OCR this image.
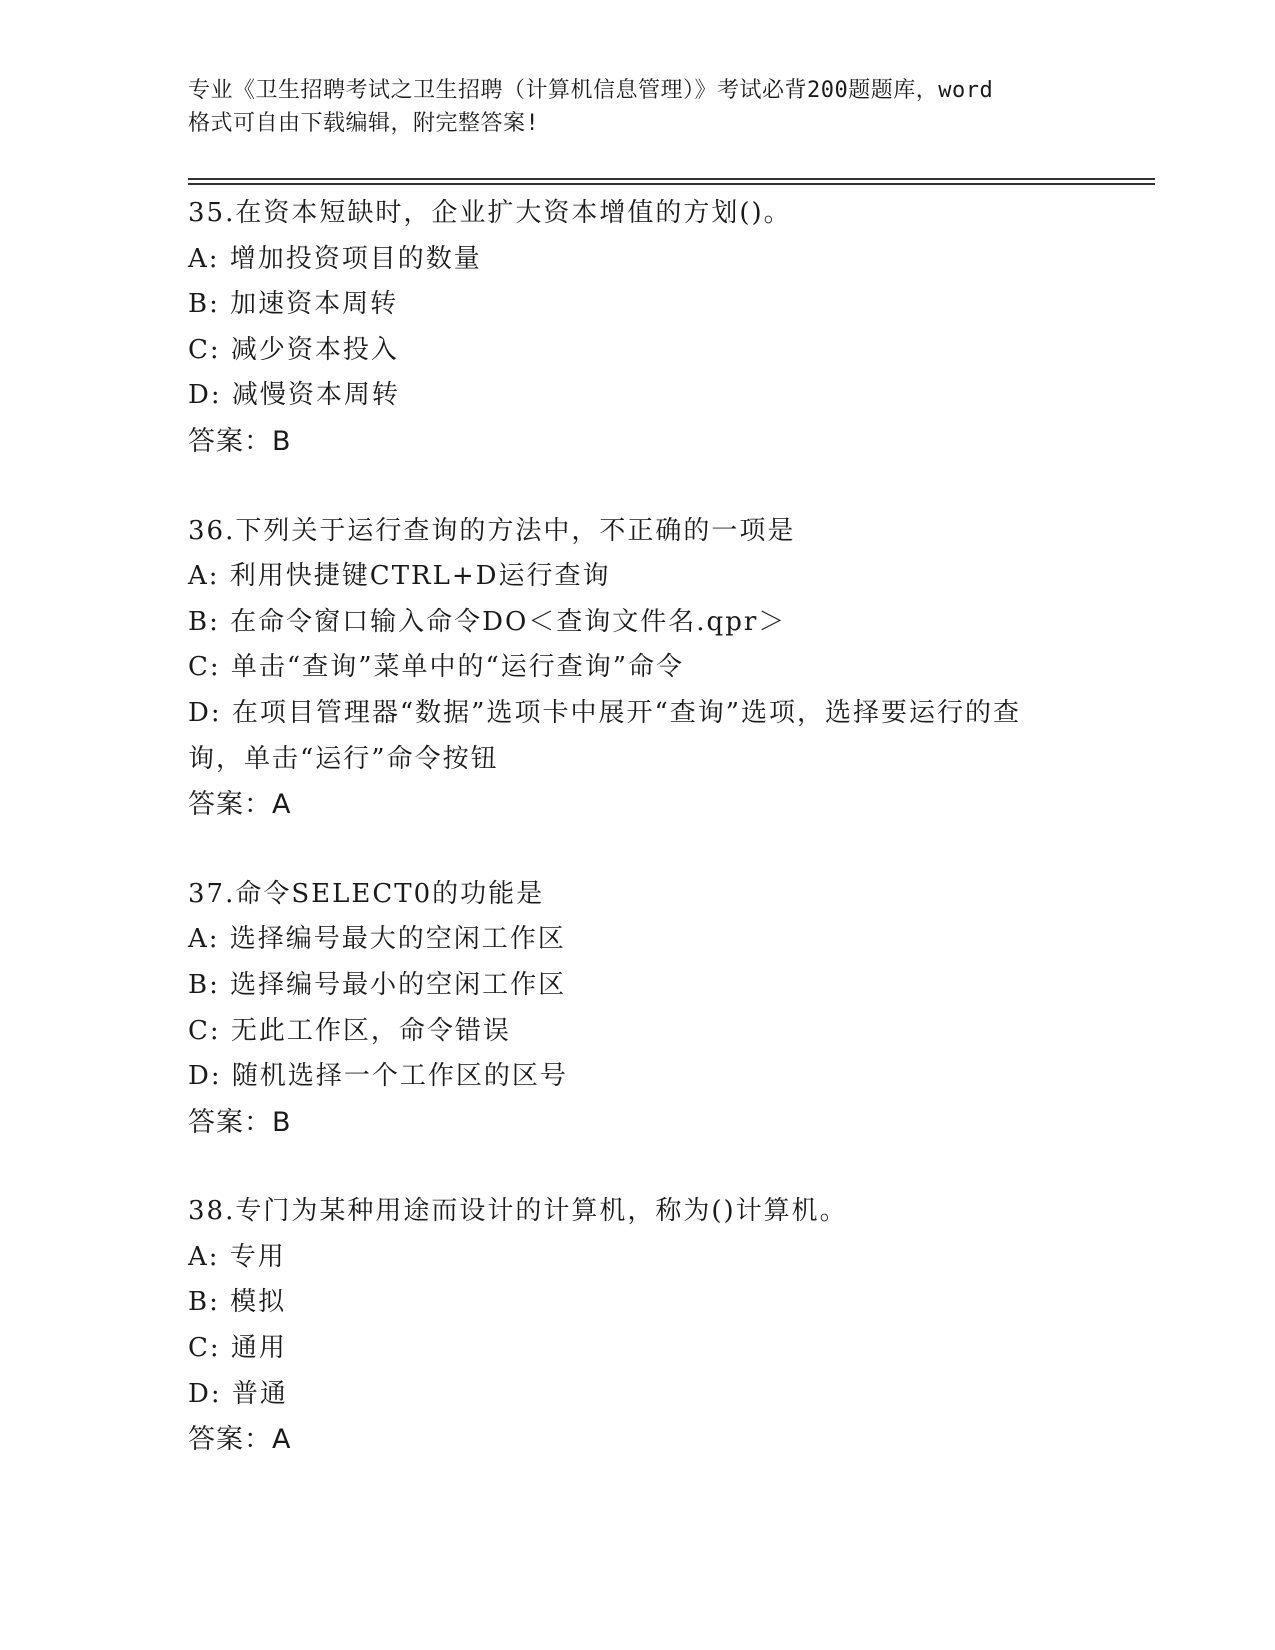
专业《卫生招聘考试之卫生招聘（计算机信息管理）》考试必背200题题库，word
格式可自由下载编辑，附完整答案!
35.在资本短缺时，企业扩大资本增值的方划()。
A: 增加投资项目的数量
B: 加速资本周转
C: 减少资本投入
D: 减慢资本周转
答案：B
36.下列关于运行查询的方法中，不正确的一项是
A: 利用快捷键CTRL+D运行查询
B: 在命令窗口输入命令DO＜查询文件名.qpr＞
C: 单击“查询”菜单中的“运行查询”命令
D: 在项目管理器“数据”选项卡中展开“查询”选项，选择要运行的查询，单击“运行”命令按钮
答案：A
37.命令SELECT0的功能是
A: 选择编号最大的空闲工作区
B: 选择编号最小的空闲工作区
C: 无此工作区，命令错误
D: 随机选择一个工作区的区号
答案：B
38.专门为某种用途而设计的计算机，称为()计算机。
A: 专用
B: 模拟
C: 通用
D: 普通
答案：A
